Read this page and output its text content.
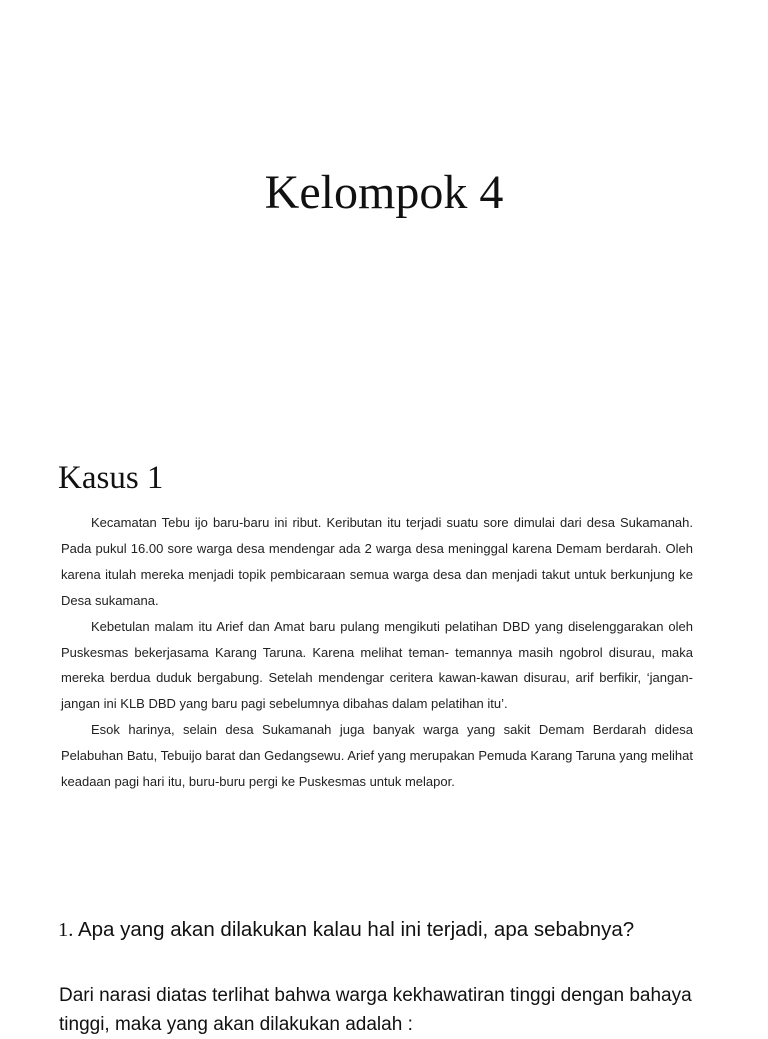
Kelompok 4
Kasus 1

Kecamatan Tebu ijo baru-baru ini ribut. Keributan itu terjadi suatu sore dimulai dari desa Sukamanah. Pada pukul 16.00 sore warga desa mendengar ada 2 warga desa meninggal karena Demam berdarah. Oleh karena itulah mereka menjadi topik pembicaraan semua warga desa dan menjadi takut untuk berkunjung ke Desa sukamana.

Kebetulan malam itu Arief dan Amat baru pulang mengikuti pelatihan DBD yang diselenggarakan oleh Puskesmas bekerjasama Karang Taruna. Karena melihat teman- temannya masih ngobrol disurau, maka mereka berdua duduk bergabung. Setelah mendengar ceritera kawan-kawan disurau, arif berfikir, ‘jangan-jangan ini KLB DBD yang baru pagi sebelumnya dibahas dalam pelatihan itu’.

Esok harinya, selain desa Sukamanah juga banyak warga yang sakit Demam Berdarah didesa Pelabuhan Batu, Tebuijo barat dan Gedangsewu. Arief yang merupakan Pemuda Karang Taruna yang melihat keadaan pagi hari itu, buru-buru pergi ke Puskesmas untuk melapor.

1. Apa yang akan dilakukan kalau hal ini terjadi, apa sebabnya?
Dari narasi diatas terlihat bahwa warga kekhawatiran tinggi dengan bahaya tinggi, maka yang akan dilakukan adalah :
